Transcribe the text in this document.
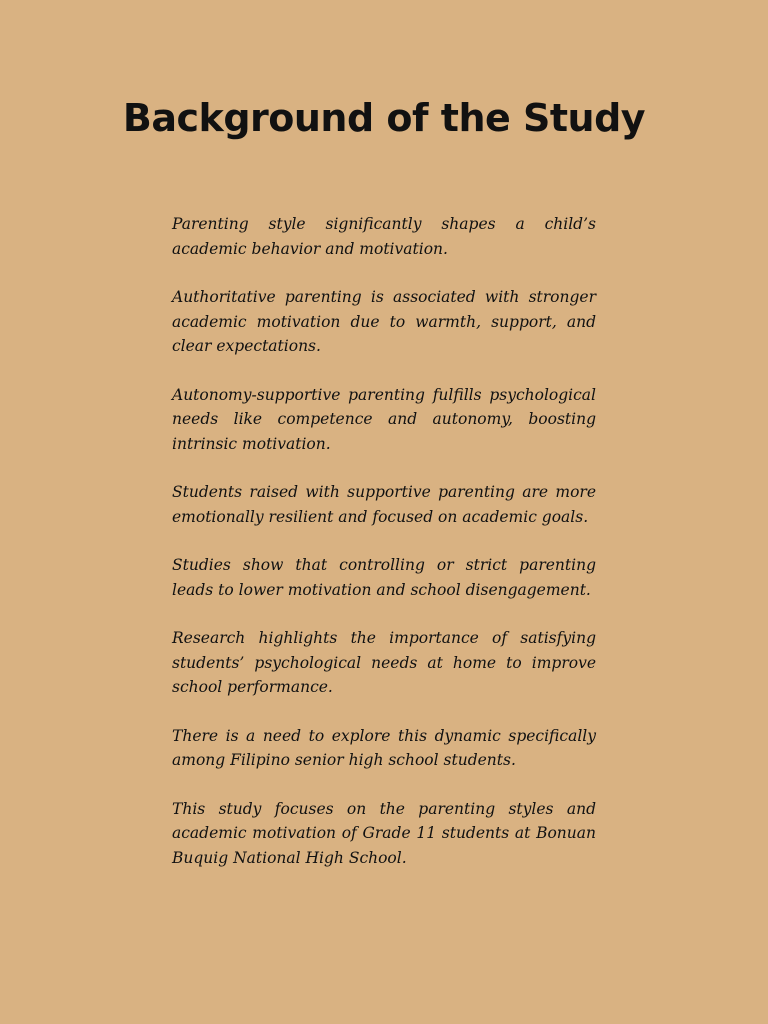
Background of the Study

Parenting style significantly shapes a child’s academic behavior and motivation.

Authoritative parenting is associated with stronger academic motivation due to warmth, support, and clear expectations.

Autonomy-supportive parenting fulfills psychological needs like competence and autonomy, boosting intrinsic motivation.

Students raised with supportive parenting are more emotionally resilient and focused on academic goals.

Studies show that controlling or strict parenting leads to lower motivation and school disengagement.

Research highlights the importance of satisfying students’ psychological needs at home to improve school performance.

There is a need to explore this dynamic specifically among Filipino senior high school students.

This study focuses on the parenting styles and academic motivation of Grade 11 students at Bonuan Buquig National High School.
